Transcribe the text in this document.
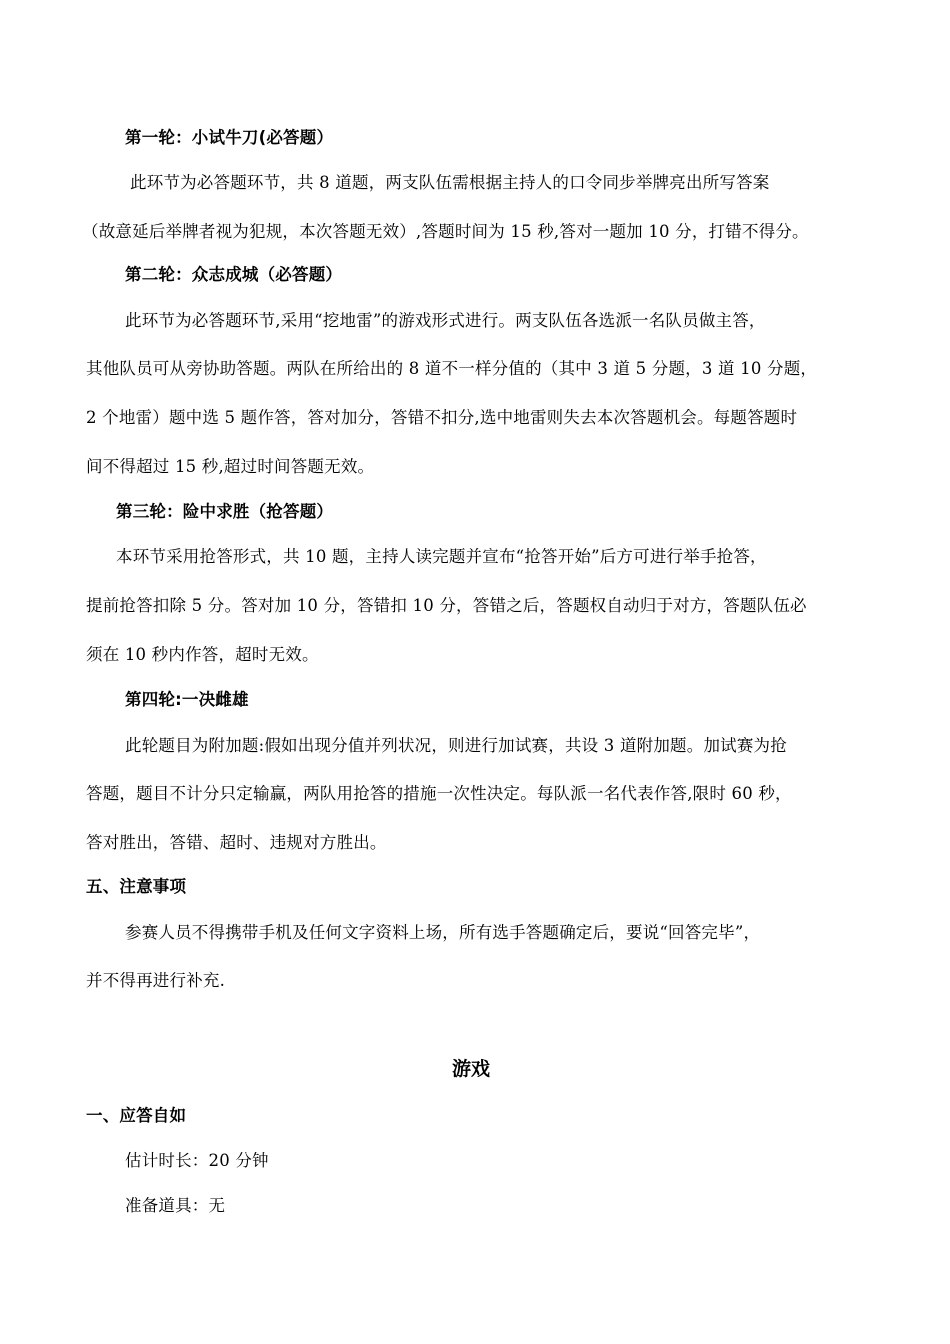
第一轮：小试牛刀(必答题）
此环节为必答题环节，共 8 道题，两支队伍需根据主持人的口令同步举牌亮出所写答案
（故意延后举牌者视为犯规，本次答题无效）,答题时间为 15 秒,答对一题加 10 分，打错不得分。
第二轮：众志成城（必答题）
此环节为必答题环节,采用“挖地雷”的游戏形式进行。两支队伍各选派一名队员做主答，
其他队员可从旁协助答题。两队在所给出的 8 道不一样分值的（其中 3 道 5 分题，3 道 10 分题，
2 个地雷）题中选 5 题作答，答对加分，答错不扣分,选中地雷则失去本次答题机会。每题答题时
间不得超过 15 秒,超过时间答题无效。
第三轮：险中求胜（抢答题）
本环节采用抢答形式，共 10 题，主持人读完题并宣布“抢答开始”后方可进行举手抢答，
提前抢答扣除 5 分。答对加 10 分，答错扣 10 分，答错之后，答题权自动归于对方，答题队伍必
须在 10 秒内作答，超时无效。
第四轮:一决雌雄
此轮题目为附加题:假如出现分值并列状况，则进行加试赛，共设 3 道附加题。加试赛为抢
答题，题目不计分只定输赢，两队用抢答的措施一次性决定。每队派一名代表作答,限时 60 秒，
答对胜出，答错、超时、违规对方胜出。
五、注意事项
参赛人员不得携带手机及任何文字资料上场，所有选手答题确定后，要说“回答完毕”，
并不得再进行补充.
游戏
一、应答自如
估计时长：20 分钟
准备道具：无
